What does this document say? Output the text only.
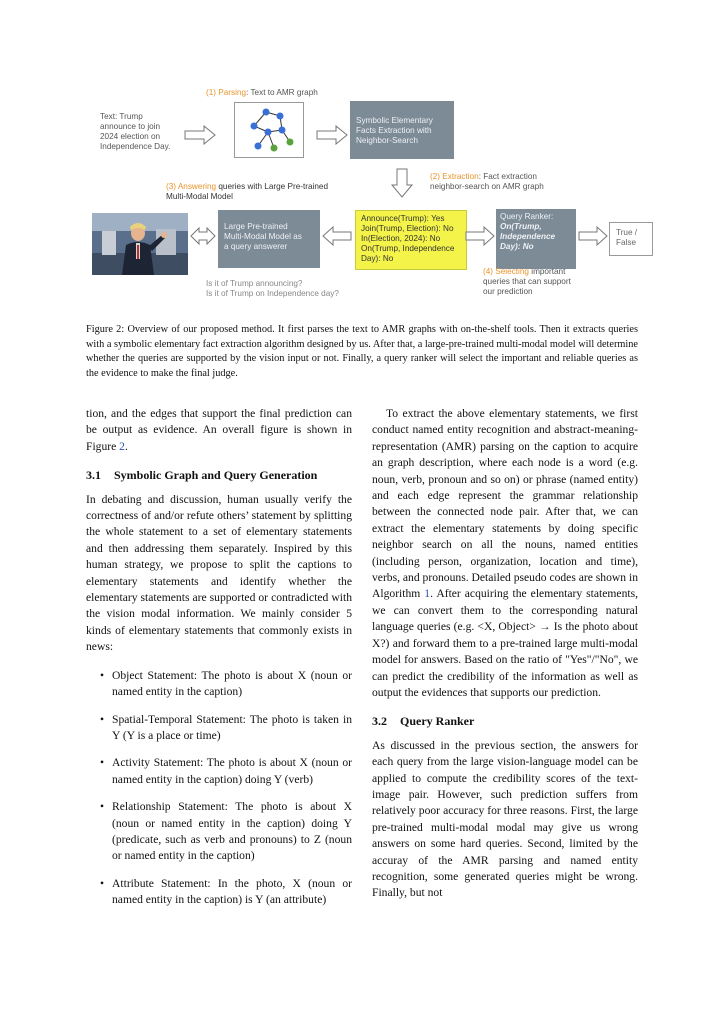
(1) Parsing: Text to AMR graph
Text: Trump
announce to join
2024 election on
Independence Day.
Symbolic Elementary
Facts Extraction with
Neighbor-Search
(2) Extraction: Fact extraction
neighbor-search on AMR graph
(3) Answering queries with Large Pre-trained
Multi-Modal Model
Large Pre-trained
Multi-Modal Model as
a query answerer
Announce(Trump): Yes
Join(Trump, Election): No
In(Election, 2024): No
On(Trump, Independence
Day): No
Query Ranker:
On(Trump,
Independence
Day): No
True /
False
Is it of Trump announcing?
Is it of Trump on Independence day?
(4) Selecting important
queries that can support
our prediction
Figure 2: Overview of our proposed method. It first parses the text to AMR graphs with on-the-shelf tools. Then it extracts queries with a symbolic elementary fact extraction algorithm designed by us. After that, a large-pre-trained multi-modal model will determine whether the queries are supported by the vision input or not. Finally, a query ranker will select the important and reliable queries as the evidence to make the final judge.

tion, and the edges that support the final prediction can be output as evidence. An overall figure is shown in Figure 2.

3.1 Symbolic Graph and Query Generation

In debating and discussion, human usually verify the correctness of and/or refute others’ statement by splitting the whole statement to a set of elementary statements and then addressing them separately. Inspired by this human strategy, we propose to split the captions to elementary statements and identify whether the elementary statements are supported or contradicted with the vision modal information. We mainly consider 5 kinds of elementary statements that commonly exists in news:

• Object Statement: The photo is about X (noun or named entity in the caption)
• Spatial-Temporal Statement: The photo is taken in Y (Y is a place or time)
• Activity Statement: The photo is about X (noun or named entity in the caption) doing Y (verb)
• Relationship Statement: The photo is about X (noun or named entity in the caption) doing Y (predicate, such as verb and pronouns) to Z (noun or named entity in the caption)
• Attribute Statement: In the photo, X (noun or named entity in the caption) is Y (an attribute)

To extract the above elementary statements, we first conduct named entity recognition and abstract-meaning-representation (AMR) parsing on the caption to acquire an graph description, where each node is a word (e.g. noun, verb, pronoun and so on) or phrase (named entity) and each edge represent the grammar relationship between the connected node pair. After that, we can extract the elementary statements by doing specific neighbor search on all the nouns, named entities (including person, organization, location and time), verbs, and pronouns. Detailed pseudo codes are shown in Algorithm 1. After acquiring the elementary statements, we can convert them to the corresponding natural language queries (e.g. <X, Object> → Is the photo about X?) and forward them to a pre-trained large multi-modal model for answers. Based on the ratio of "Yes"/"No", we can predict the credibility of the information as well as output the evidences that supports our prediction.

3.2 Query Ranker

As discussed in the previous section, the answers for each query from the large vision-language model can be applied to compute the credibility scores of the text-image pair. However, such prediction suffers from relatively poor accuracy for three reasons. First, the large pre-trained multi-modal modal may give us wrong answers on some hard queries. Second, limited by the accuray of the AMR parsing and named entity recognition, some generated queries might be wrong. Finally, but not
